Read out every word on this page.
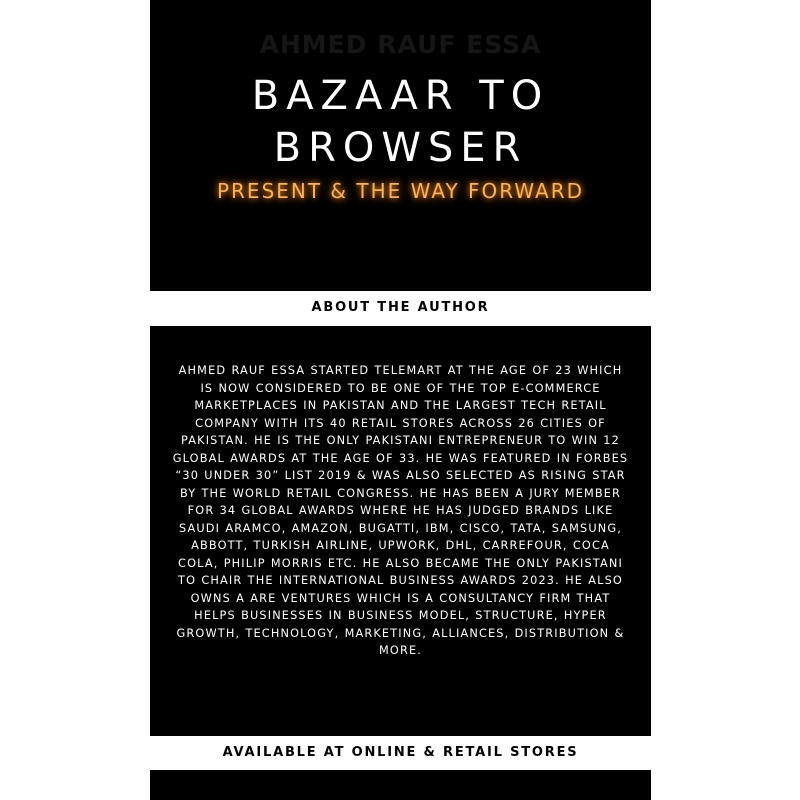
AHMED RAUF ESSA
BAZAAR TO
BROWSER
PRESENT & THE WAY FORWARD
ABOUT THE AUTHOR

AHMED RAUF ESSA STARTED TELEMART AT THE AGE OF 23 WHICH IS NOW CONSIDERED TO BE ONE OF THE TOP E-COMMERCE MARKETPLACES IN PAKISTAN AND THE LARGEST TECH RETAIL COMPANY WITH ITS 40 RETAIL STORES ACROSS 26 CITIES OF PAKISTAN. HE IS THE ONLY PAKISTANI ENTREPRENEUR TO WIN 12 GLOBAL AWARDS AT THE AGE OF 33. HE WAS FEATURED IN FORBES “30 UNDER 30” LIST 2019 & WAS ALSO SELECTED AS RISING STAR BY THE WORLD RETAIL CONGRESS. HE HAS BEEN A JURY MEMBER FOR 34 GLOBAL AWARDS WHERE HE HAS JUDGED BRANDS LIKE SAUDI ARAMCO, AMAZON, BUGATTI, IBM, CISCO, TATA, SAMSUNG, ABBOTT, TURKISH AIRLINE, UPWORK, DHL, CARREFOUR, COCA COLA, PHILIP MORRIS ETC. HE ALSO BECAME THE ONLY PAKISTANI TO CHAIR THE INTERNATIONAL BUSINESS AWARDS 2023. HE ALSO OWNS A ARE VENTURES WHICH IS A CONSULTANCY FIRM THAT HELPS BUSINESSES IN BUSINESS MODEL, STRUCTURE, HYPER GROWTH, TECHNOLOGY, MARKETING, ALLIANCES, DISTRIBUTION & MORE.

AVAILABLE AT ONLINE & RETAIL STORES
